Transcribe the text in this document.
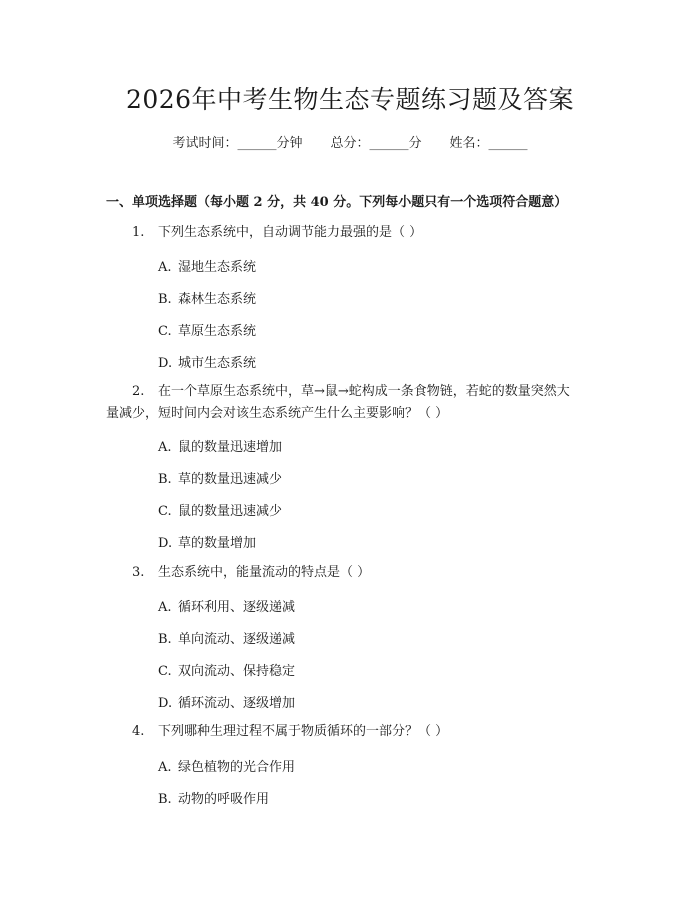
2026年中考生物生态专题练习题及答案
考试时间：______分钟 总分：______分 姓名：______
一、单项选择题（每小题 2 分，共 40 分。下列每小题只有一个选项符合题意）
1. 下列生态系统中，自动调节能力最强的是（ ）
A. 湿地生态系统
B. 森林生态系统
C. 草原生态系统
D. 城市生态系统
2. 在一个草原生态系统中，草→鼠→蛇构成一条食物链，若蛇的数量突然大
量减少，短时间内会对该生态系统产生什么主要影响？（ ）
A. 鼠的数量迅速增加
B. 草的数量迅速减少
C. 鼠的数量迅速减少
D. 草的数量增加
3. 生态系统中，能量流动的特点是（ ）
A. 循环利用、逐级递减
B. 单向流动、逐级递减
C. 双向流动、保持稳定
D. 循环流动、逐级增加
4. 下列哪种生理过程不属于物质循环的一部分？（ ）
A. 绿色植物的光合作用
B. 动物的呼吸作用
